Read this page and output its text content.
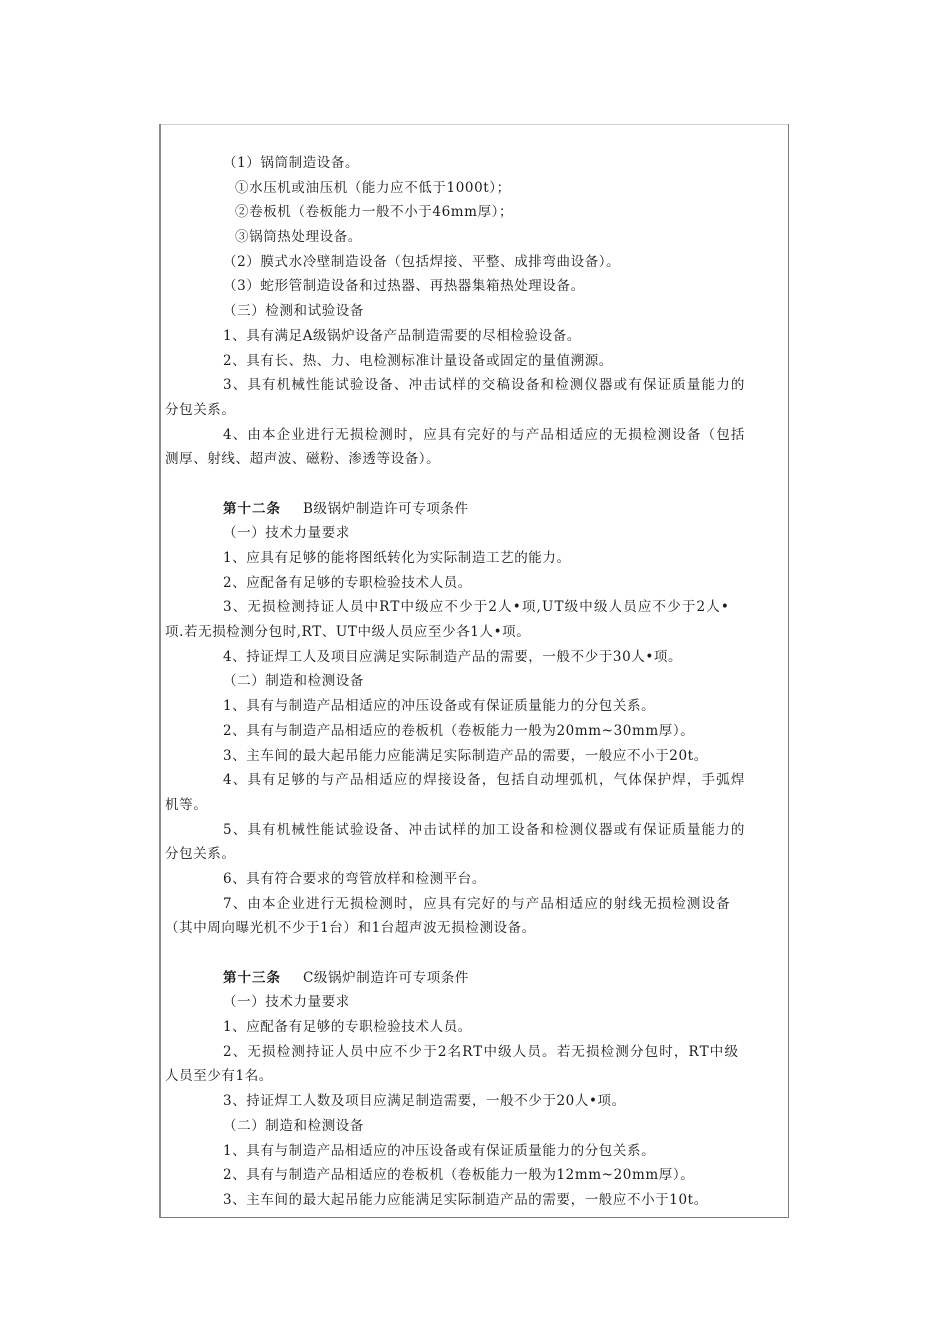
（1）锅筒制造设备。
①水压机或油压机（能力应不低于1000t）；
②卷板机（卷板能力一般不小于46mm厚）；
③锅筒热处理设备。
（2）膜式水冷壁制造设备（包括焊接、平整、成排弯曲设备）。
（3）蛇形管制造设备和过热器、再热器集箱热处理设备。
（三）检测和试验设备
1、具有满足A级锅炉设备产品制造需要的尽相检验设备。
2、具有长、热、力、电检测标准计量设备或固定的量值溯源。
3、具有机械性能试验设备、冲击试样的交稿设备和检测仪器或有保证质量能力的
分包关系。
4、由本企业进行无损检测时，应具有完好的与产品相适应的无损检测设备（包括
测厚、射线、超声波、磁粉、渗透等设备）。
第十二条 B级锅炉制造许可专项条件
（一）技术力量要求
1、应具有足够的能将图纸转化为实际制造工艺的能力。
2、应配备有足够的专职检验技术人员。
3、无损检测持证人员中RT中级应不少于2人•项,UT级中级人员应不少于2人•
项.若无损检测分包时,RT、UT中级人员应至少各1人•项。
4、持证焊工人及项目应满足实际制造产品的需要，一般不少于30人•项。
（二）制造和检测设备
1、具有与制造产品相适应的冲压设备或有保证质量能力的分包关系。
2、具有与制造产品相适应的卷板机（卷板能力一般为20mm~30mm厚）。
3、主车间的最大起吊能力应能满足实际制造产品的需要，一般应不小于20t。
4、具有足够的与产品相适应的焊接设备，包括自动埋弧机，气体保护焊，手弧焊
机等。
5、具有机械性能试验设备、冲击试样的加工设备和检测仪器或有保证质量能力的
分包关系。
6、具有符合要求的弯管放样和检测平台。
7、由本企业进行无损检测时，应具有完好的与产品相适应的射线无损检测设备
（其中周向曝光机不少于1台）和1台超声波无损检测设备。
第十三条 C级锅炉制造许可专项条件
（一）技术力量要求
1、应配备有足够的专职检验技术人员。
2、无损检测持证人员中应不少于2名RT中级人员。若无损检测分包时，RT中级
人员至少有1名。
3、持证焊工人数及项目应满足制造需要，一般不少于20人•项。
（二）制造和检测设备
1、具有与制造产品相适应的冲压设备或有保证质量能力的分包关系。
2、具有与制造产品相适应的卷板机（卷板能力一般为12mm~20mm厚）。
3、主车间的最大起吊能力应能满足实际制造产品的需要，一般应不小于10t。
